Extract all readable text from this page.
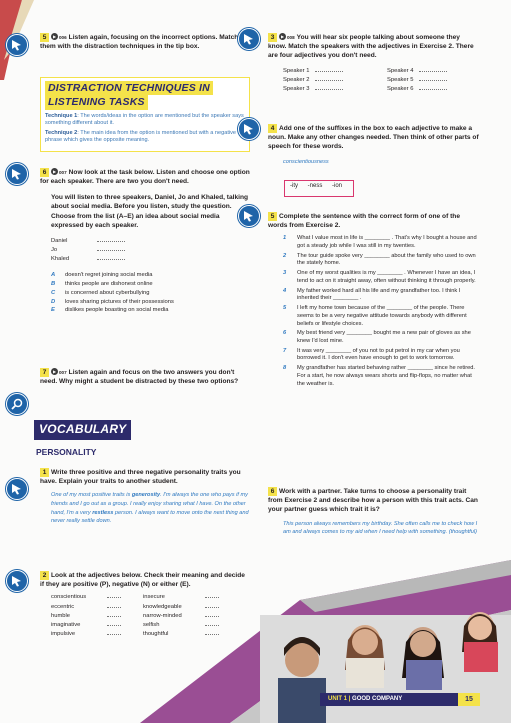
5 ▶ 006 Listen again, focusing on the incorrect options. Match them with the distraction techniques in the tip box.
DISTRACTION TECHNIQUES IN
LISTENING TASKS
Technique 1: The words/ideas in the option are mentioned but the speaker says something different about it.
Technique 2: The main idea from the option is mentioned but with a negative phrase which gives the opposite meaning.
6 ▶ 007 Now look at the task below. Listen and choose one option for each speaker. There are two you don't need.
You will listen to three speakers, Daniel, Jo and Khaled, talking about social media. Before you listen, study the question. Choose from the list (A–E) an idea about social media expressed by each speaker.
Daniel
Jo
Khaled
A doesn't regret joining social media
B thinks people are dishonest online
C is concerned about cyberbullying
D loves sharing pictures of their possessions
E dislikes people boasting on social media
7 ▶ 007 Listen again and focus on the two answers you don't need. Why might a student be distracted by these two options?
VOCABULARY
PERSONALITY
1 Write three positive and three negative personality traits you have. Explain your traits to another student.
One of my most positive traits is generosity. I'm always the one who pays if my friends and I go out as a group. I really enjoy sharing what I have. On the other hand, I'm a very restless person. I always want to move onto the next thing and never really settle down.
2 Look at the adjectives below. Check their meaning and decide if they are positive (P), negative (N) or either (E).
conscientious
eccentric
humble
imaginative
impulsive
insecure
knowledgeable
narrow-minded
selfish
thoughtful
3 ▶ 008 You will hear six people talking about someone they know. Match the speakers with the adjectives in Exercise 2. There are four adjectives you don't need.
Speaker 1
Speaker 2
Speaker 3
Speaker 4
Speaker 5
Speaker 6
4 Add one of the suffixes in the box to each adjective to make a noun. Make any other changes needed. Then think of other parts of speech for these words.
conscientiousness
-ity -ness -ion
5 Complete the sentence with the correct form of one of the words from Exercise 2.
1 What I value most in life is ________ . That's why I bought a house and got a steady job while I was still in my twenties.
2 The tour guide spoke very ________ about the family who used to own the stately home.
3 One of my worst qualities is my ________ . Whenever I have an idea, I tend to act on it straight away, often without thinking it through properly.
4 My father worked hard all his life and my grandfather too. I think I inherited their ________ .
5 I left my home town because of the ________ of the people. There seems to be a very negative attitude towards anybody with different beliefs or lifestyle choices.
6 My best friend very ________ bought me a new pair of gloves as she knew I'd lost mine.
7 It was very ________ of you not to put petrol in my car when you borrowed it. I don't even have enough to get to work tomorrow.
8 My grandfather has started behaving rather ________ since he retired. For a start, he now always wears shorts and flip-flops, no matter what the weather is.
6 Work with a partner. Take turns to choose a personality trait from Exercise 2 and describe how a person with this trait acts. Can your partner guess which trait it is?
This person always remembers my birthday. She often calls me to check how I am and always comes to my aid when I need help with something. (thoughtful)
UNIT 1 | GOOD COMPANY	15
